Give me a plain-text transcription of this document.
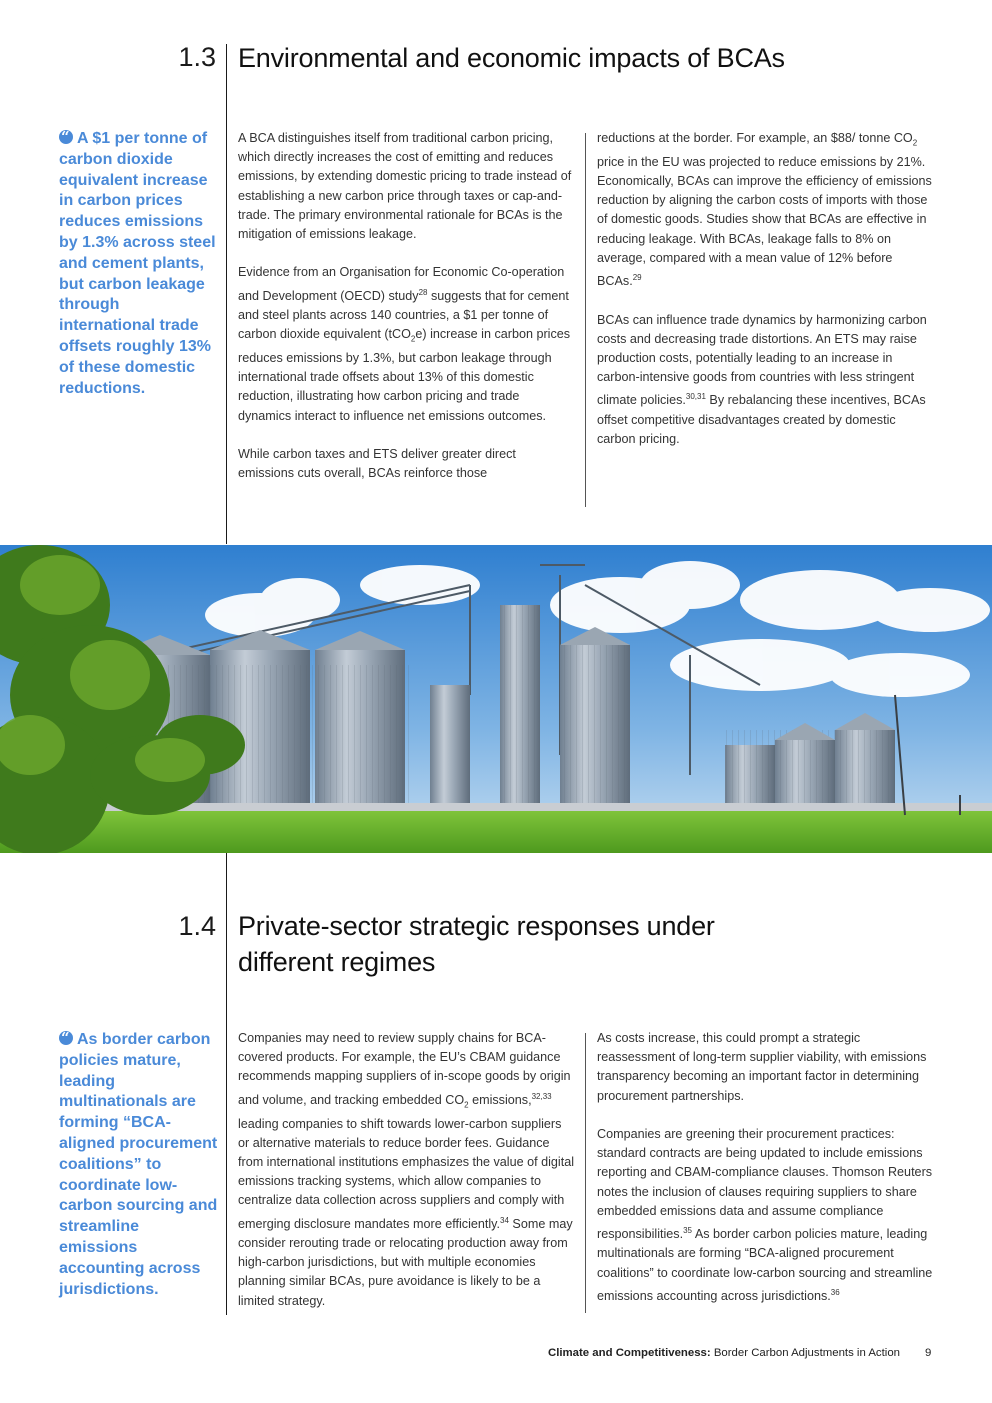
1.3 Environmental and economic impacts of BCAs
“A $1 per tonne of carbon dioxide equivalent increase in carbon prices reduces emissions by 1.3% across steel and cement plants, but carbon leakage through international trade offsets roughly 13% of these domestic reductions.

A BCA distinguishes itself from traditional carbon pricing, which directly increases the cost of emitting and reduces emissions, by extending domestic pricing to trade instead of establishing a new carbon price through taxes or cap-and-trade. The primary environmental rationale for BCAs is the mitigation of emissions leakage.

Evidence from an Organisation for Economic Co-operation and Development (OECD) study$^{28}$ suggests that for cement and steel plants across 140 countries, a $1 per tonne of carbon dioxide equivalent (tCO$_2$e) increase in carbon prices reduces emissions by 1.3%, but carbon leakage through international trade offsets about 13% of this domestic reduction, illustrating how carbon pricing and trade dynamics interact to influence net emissions outcomes.

While carbon taxes and ETS deliver greater direct emissions cuts overall, BCAs reinforce those

reductions at the border. For example, an $88/ tonne $CO_2$ price in the EU was projected to reduce emissions by 21%. Economically, BCAs can improve the efficiency of emissions reduction by aligning the carbon costs of imports with those of domestic goods. Studies show that BCAs are effective in reducing leakage. With BCAs, leakage falls to 8% on average, compared with a mean value of 12% before BCAs.$^{29}$

BCAs can influence trade dynamics by harmonizing carbon costs and decreasing trade distortions. An ETS may raise production costs, potentially leading to an increase in carbon-intensive goods from countries with less stringent climate policies.$^{30,31}$ By rebalancing these incentives, BCAs offset competitive disadvantages created by domestic carbon pricing.

1.4 Private-sector strategic responses under
different regimes
“As border carbon policies mature, leading multinationals are forming “BCA-aligned procurement coalitions” to coordinate low-carbon sourcing and streamline emissions accounting across jurisdictions.

Companies may need to review supply chains for BCA-covered products. For example, the EU’s CBAM guidance recommends mapping suppliers of in-scope goods by origin and volume, and tracking embedded $CO_2$ emissions,$^{32,33}$ leading companies to shift towards lower-carbon suppliers or alternative materials to reduce border fees. Guidance from international institutions emphasizes the value of digital emissions tracking systems, which allow companies to centralize data collection across suppliers and comply with emerging disclosure mandates more efficiently.$^{34}$ Some may consider rerouting trade or relocating production away from high-carbon jurisdictions, but with multiple economies planning similar BCAs, pure avoidance is likely to be a limited strategy.

As costs increase, this could prompt a strategic reassessment of long-term supplier viability, with emissions transparency becoming an important factor in determining procurement partnerships.

Companies are greening their procurement practices: standard contracts are being updated to include emissions reporting and CBAM-compliance clauses. Thomson Reuters notes the inclusion of clauses requiring suppliers to share embedded emissions data and assume compliance responsibilities.$^{35}$ As border carbon policies mature, leading multinationals are forming “BCA-aligned procurement coalitions” to coordinate low-carbon sourcing and streamline emissions accounting across jurisdictions.$^{36}$

Climate and Competitiveness: Border Carbon Adjustments in Action 9
